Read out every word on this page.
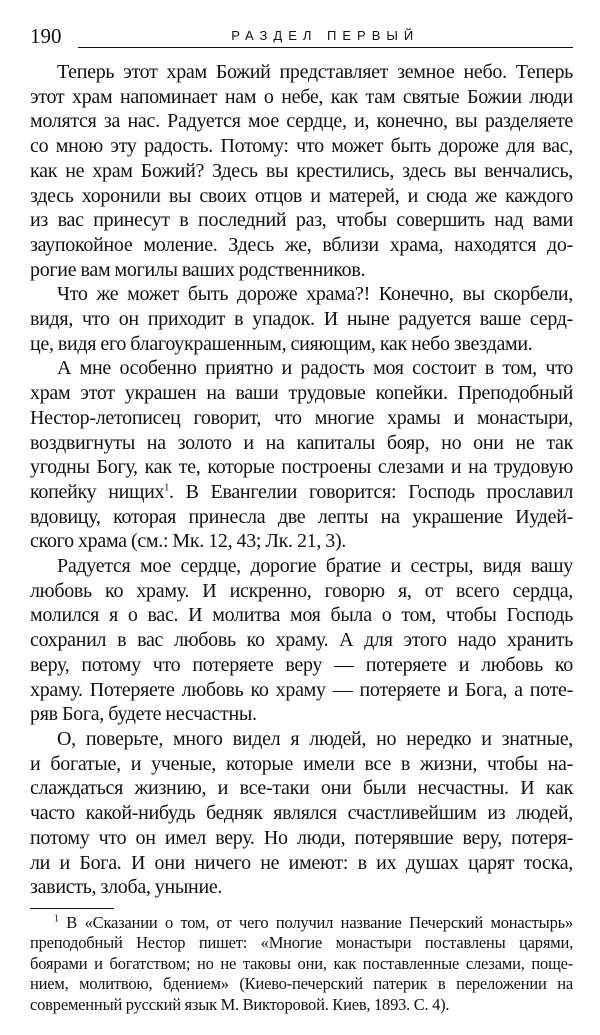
190	РАЗДЕЛ ПЕРВЫЙ
Теперь этот храм Божий представляет земное небо. Теперь
этот храм напоминает нам о небе, как там святые Божии люди
молятся за нас. Радуется мое сердце, и, конечно, вы разделяете
со мною эту радость. Потому: что может быть дороже для вас,
как не храм Божий? Здесь вы крестились, здесь вы венчались,
здесь хоронили вы своих отцов и матерей, и сюда же каждого
из вас принесут в последний раз, чтобы совершить над вами
заупокойное моление. Здесь же, вблизи храма, находятся до-
рогие вам могилы ваших родственников.
Что же может быть дороже храма?! Конечно, вы скорбели,
видя, что он приходит в упадок. И ныне радуется ваше серд-
це, видя его благоукрашенным, сияющим, как небо звездами.
А мне особенно приятно и радость моя состоит в том, что
храм этот украшен на ваши трудовые копейки. Преподобный
Нестор-летописец говорит, что многие храмы и монастыри,
воздвигнуты на золото и на капиталы бояр, но они не так
угодны Богу, как те, которые построены слезами и на трудовую
копейку нищих$^1$. В Евангелии говорится: Господь прославил
вдовицу, которая принесла две лепты на украшение Иудей-
ского храма (см.: Мк. 12, 43; Лк. 21, 3).
Радуется мое сердце, дорогие братие и сестры, видя вашу
любовь ко храму. И искренно, говорю я, от всего сердца,
молился я о вас. И молитва моя была о том, чтобы Господь
сохранил в вас любовь ко храму. А для этого надо хранить
веру, потому что потеряете веру — потеряете и любовь ко
храму. Потеряете любовь ко храму — потеряете и Бога, а поте-
ряв Бога, будете несчастны.
О, поверьте, много видел я людей, но нередко и знатные,
и богатые, и ученые, которые имели все в жизни, чтобы на-
слаждаться жизнию, и все-таки они были несчастны. И как
часто какой-нибудь бедняк являлся счастливейшим из людей,
потому что он имел веру. Но люди, потерявшие веру, потеря-
ли и Бога. И они ничего не имеют: в их душах царят тоска,
зависть, злоба, уныние.
$^1$ В «Сказании о том, от чего получил название Печерский монастырь»
преподобный Нестор пишет: «Многие монастыри поставлены царями,
боярами и богатством; но не таковы они, как поставленные слезами, поще-
нием, молитвою, бдением» (Киево-печерский патерик в переложении на
современный русский язык М. Викторовой. Киев, 1893. С. 4).
